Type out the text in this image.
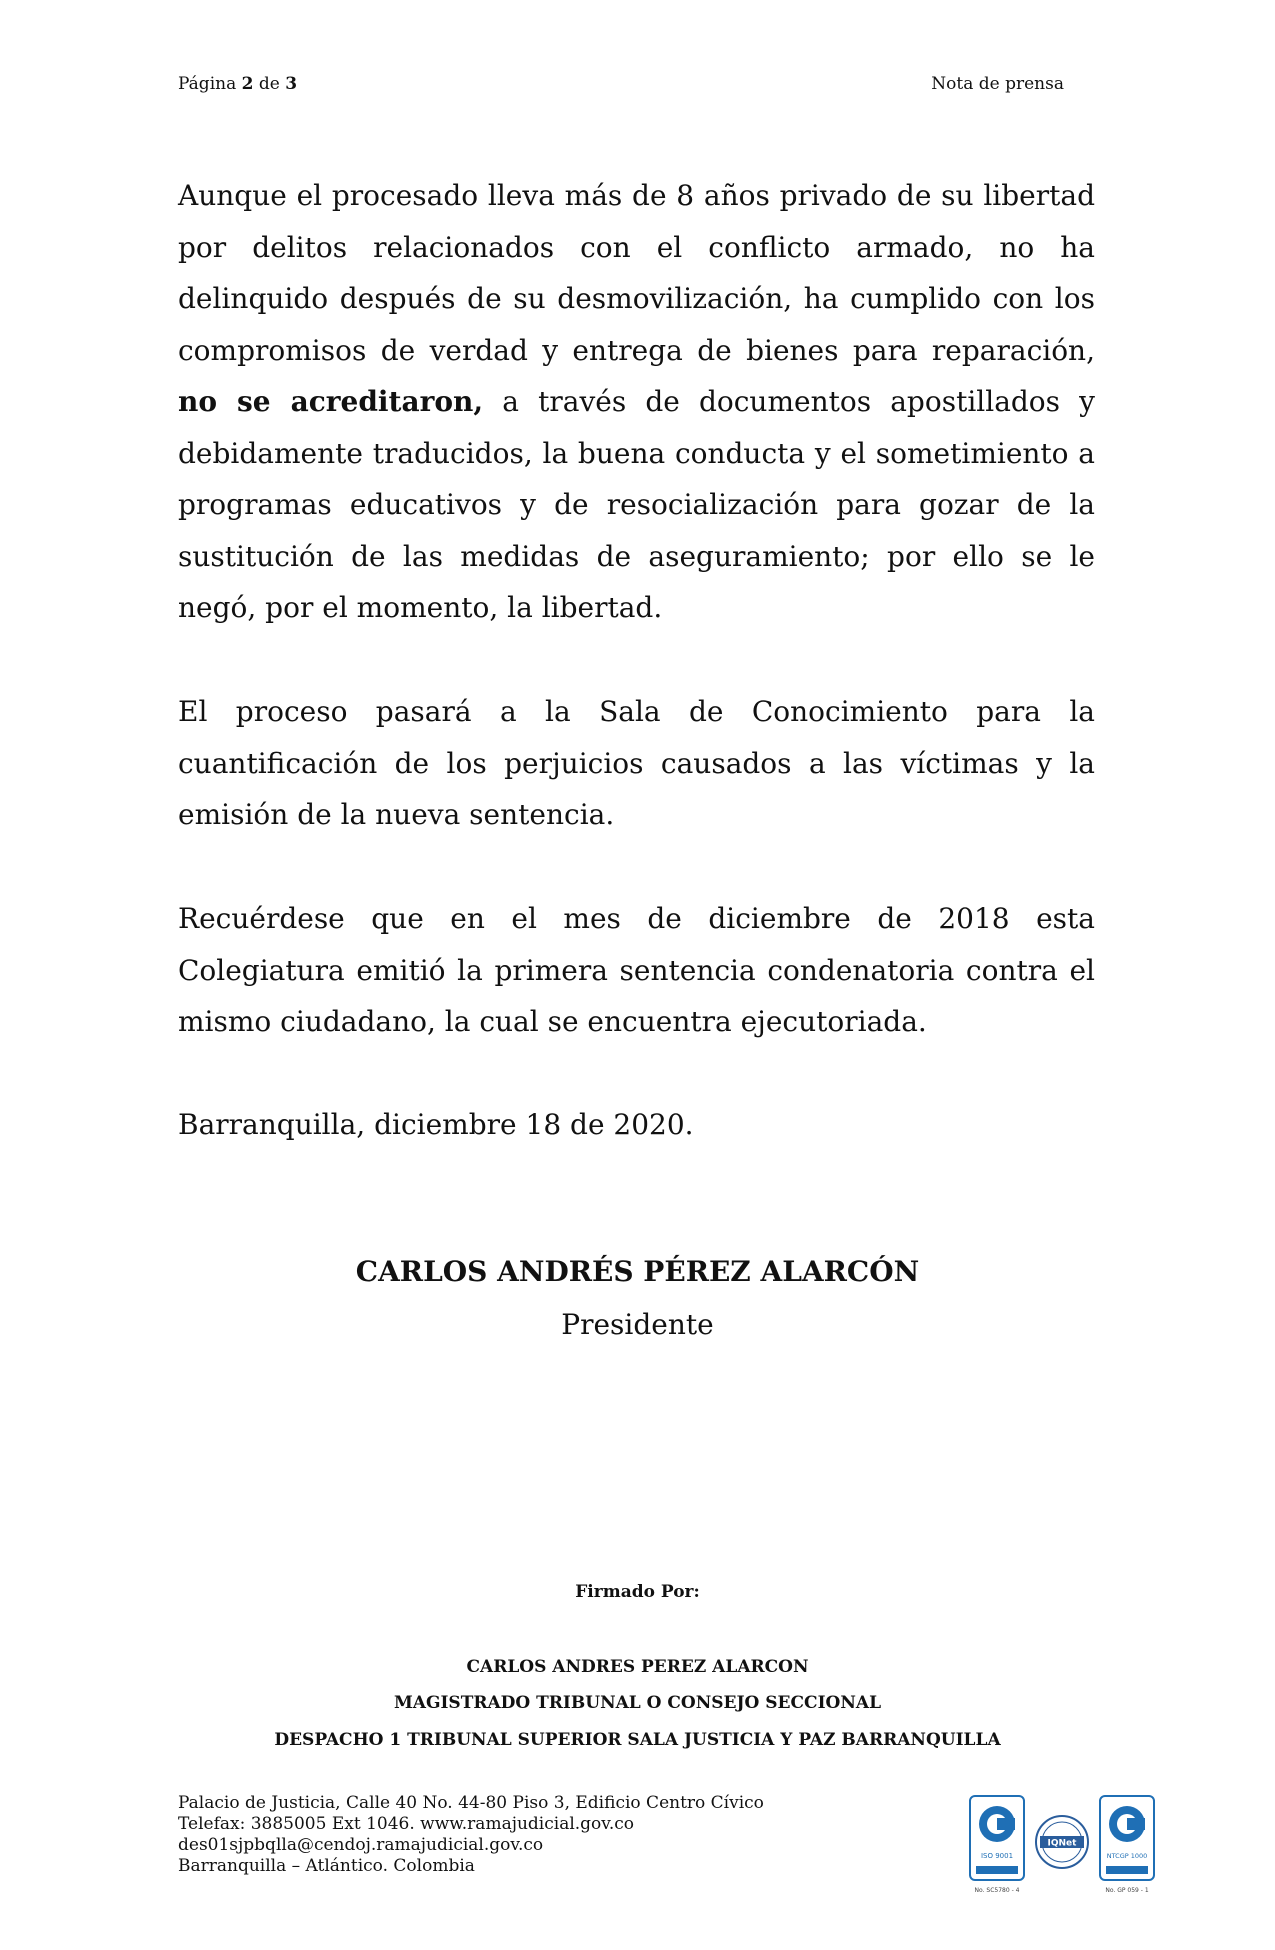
Página 2 de 3	Nota de prensa

Aunque el procesado lleva más de 8 años privado de su libertad por delitos relacionados con el conflicto armado, no ha delinquido después de su desmovilización, ha cumplido con los compromisos de verdad y entrega de bienes para reparación, no se acreditaron, a través de documentos apostillados y debidamente traducidos, la buena conducta y el sometimiento a programas educativos y de resocialización para gozar de la sustitución de las medidas de aseguramiento; por ello se le negó, por el momento, la libertad.

El proceso pasará a la Sala de Conocimiento para la cuantificación de los perjuicios causados a las víctimas y la emisión de la nueva sentencia.

Recuérdese que en el mes de diciembre de 2018 esta Colegiatura emitió la primera sentencia condenatoria contra el mismo ciudadano, la cual se encuentra ejecutoriada.

Barranquilla, diciembre 18 de 2020.

CARLOS ANDRÉS PÉREZ ALARCÓN
Presidente
Firmado Por:
CARLOS ANDRES PEREZ ALARCON
MAGISTRADO TRIBUNAL O CONSEJO SECCIONAL
DESPACHO 1 TRIBUNAL SUPERIOR SALA JUSTICIA Y PAZ BARRANQUILLA
Palacio de Justicia, Calle 40 No. 44-80 Piso 3, Edificio Centro Cívico
Telefax: 3885005 Ext 1046. www.ramajudicial.gov.co
des01sjpbqlla@cendoj.ramajudicial.gov.co
Barranquilla – Atlántico. Colombia	ISO 9001
No. SC5780 - 4
IQNet
NTCGP 1000
No. GP 059 - 1
